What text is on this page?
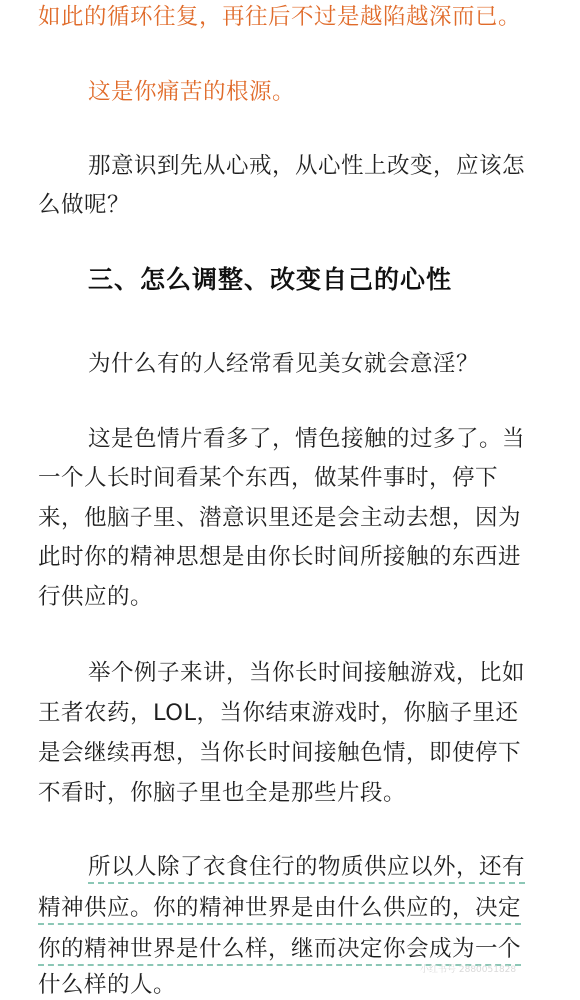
如此的循环往复，再往后不过是越陷越深而已。
这是你痛苦的根源。
那意识到先从心戒，从心性上改变，应该怎
么做呢？
三、怎么调整、改变自己的心性
为什么有的人经常看见美女就会意淫？
这是色情片看多了，情色接触的过多了。当
一个人长时间看某个东西，做某件事时，停下
来，他脑子里、潜意识里还是会主动去想，因为
此时你的精神思想是由你长时间所接触的东西进
行供应的。
举个例子来讲，当你长时间接触游戏，比如
王者农药，LOL，当你结束游戏时，你脑子里还
是会继续再想，当你长时间接触色情，即使停下
不看时，你脑子里也全是那些片段。
所以人除了衣食住行的物质供应以外，还有
精神供应。你的精神世界是由什么供应的，决定
你的精神世界是什么样，继而决定你会成为一个
什么样的人。
小红书号 2880051828
